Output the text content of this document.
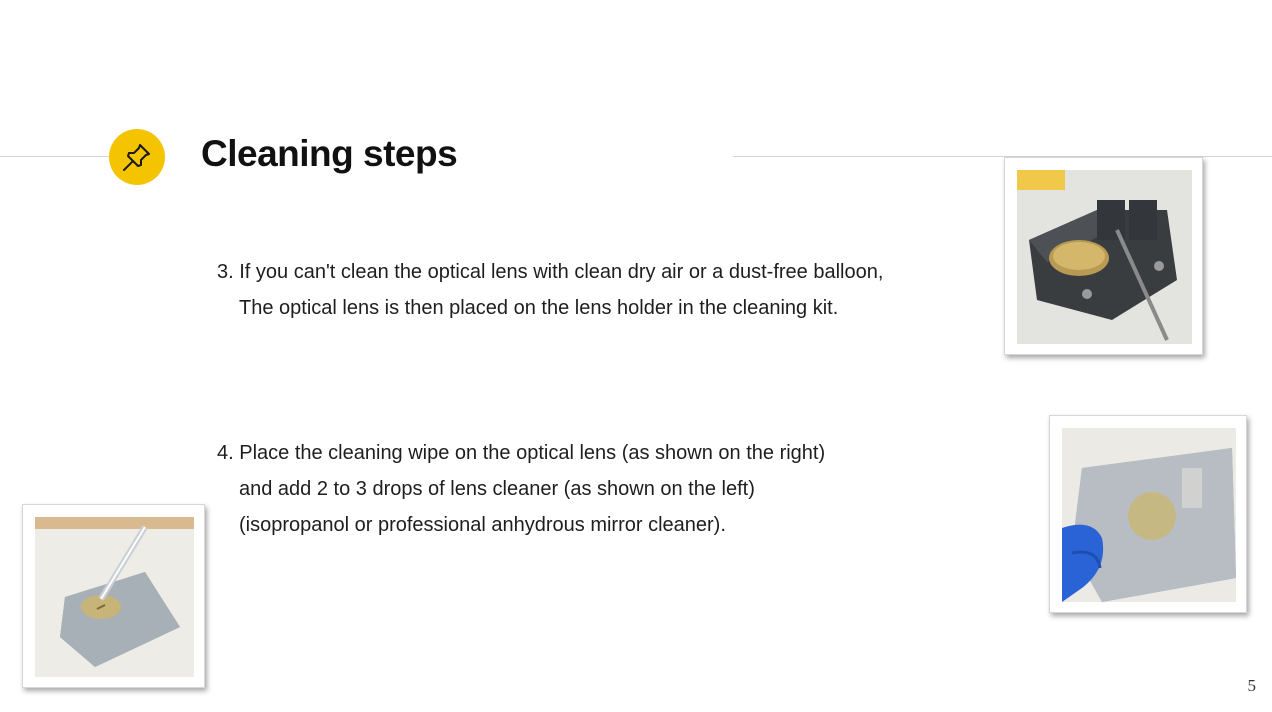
Cleaning steps
3. If you can't clean the optical lens with clean dry air or a dust-free balloon,
The optical lens is then placed on the lens holder in the cleaning kit.
4. Place the cleaning wipe on the optical lens (as shown on the right)
and add 2 to 3 drops of lens cleaner (as shown on the left)
(isopropanol or professional anhydrous mirror cleaner).
5
